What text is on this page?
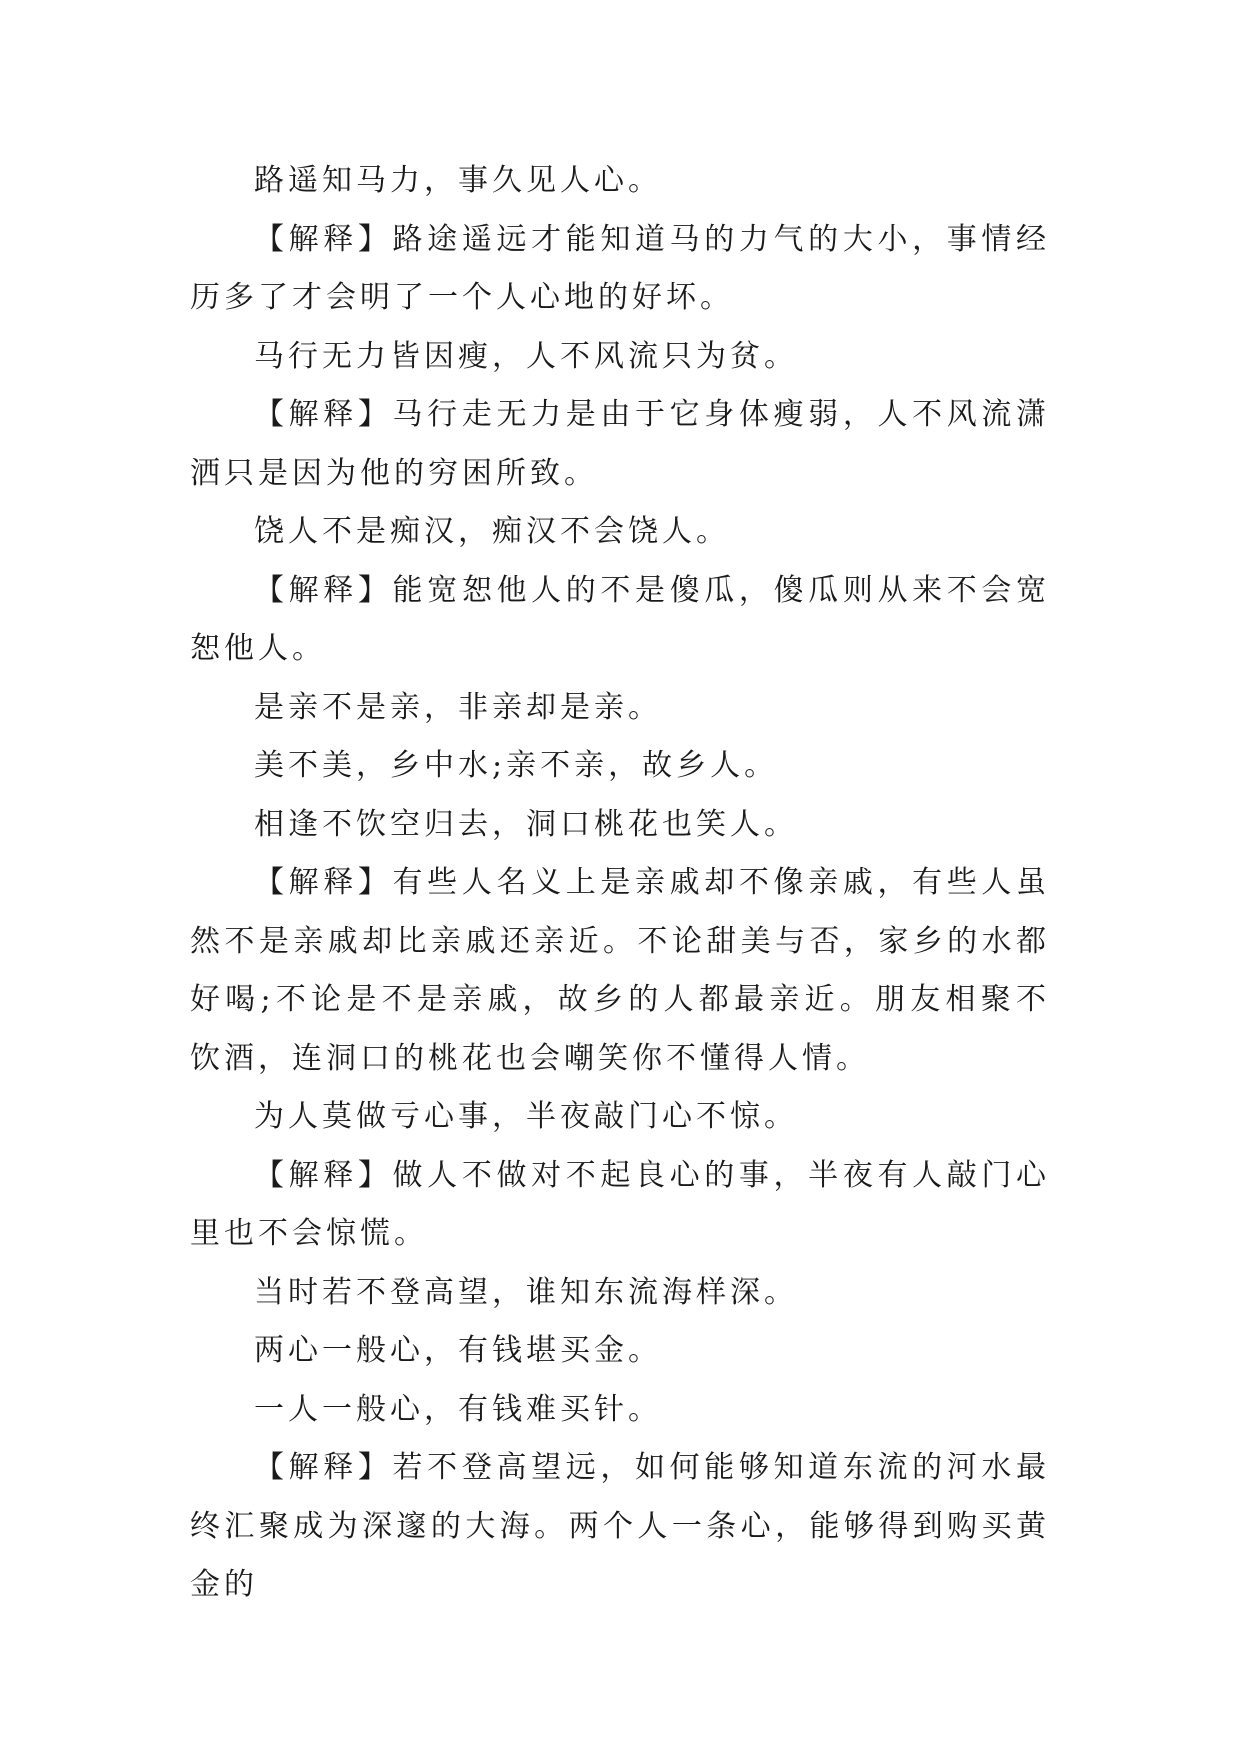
路遥知马力，事久见人心。

【解释】路途遥远才能知道马的力气的大小，事情经历多了才会明了一个人心地的好坏。

马行无力皆因瘦，人不风流只为贫。

【解释】马行走无力是由于它身体瘦弱，人不风流潇洒只是因为他的穷困所致。

饶人不是痴汉，痴汉不会饶人。

【解释】能宽恕他人的不是傻瓜，傻瓜则从来不会宽恕他人。

是亲不是亲，非亲却是亲。

美不美，乡中水;亲不亲，故乡人。

相逢不饮空归去，洞口桃花也笑人。

【解释】有些人名义上是亲戚却不像亲戚，有些人虽然不是亲戚却比亲戚还亲近。不论甜美与否，家乡的水都好喝;不论是不是亲戚，故乡的人都最亲近。朋友相聚不饮酒，连洞口的桃花也会嘲笑你不懂得人情。

为人莫做亏心事，半夜敲门心不惊。

【解释】做人不做对不起良心的事，半夜有人敲门心里也不会惊慌。

当时若不登高望，谁知东流海样深。

两心一般心，有钱堪买金。

一人一般心，有钱难买针。

【解释】若不登高望远，如何能够知道东流的河水最终汇聚成为深邃的大海。两个人一条心，能够得到购买黄金的
